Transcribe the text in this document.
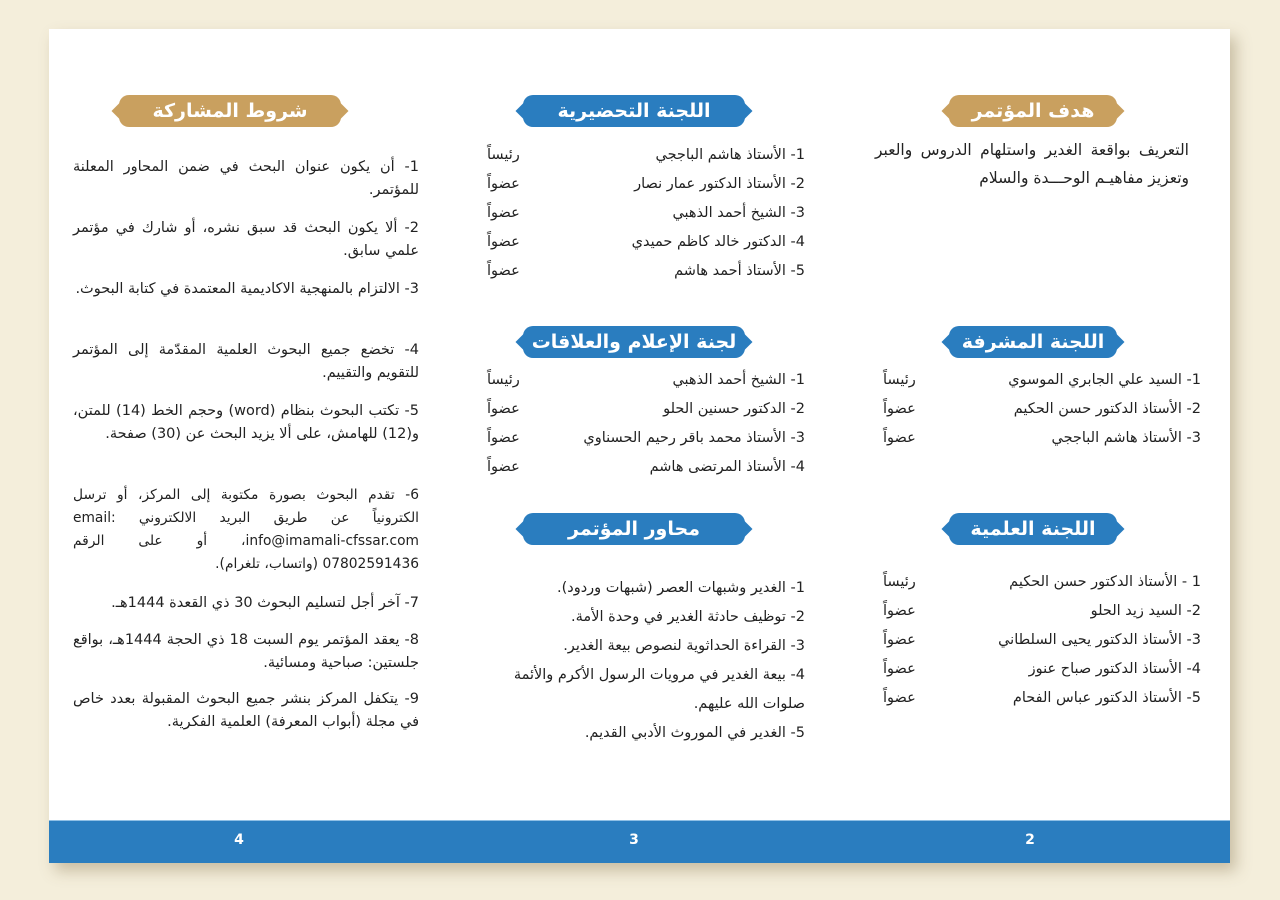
هدف المؤتمر
التعريف بواقعة الغدير واستلهام الدروس والعبر وتعزيز مفاهيـم الوحـــدة والسلام
اللجنة المشرفة
1- السيد علي الجابري الموسوي
رئيساً
2- الأستاذ الدكتور حسن الحكيم
عضواً
3- الأستاذ هاشم الباججي
عضواً
اللجنة العلمية
1 - الأستاذ الدكتور حسن الحكيم
رئيساً
2- السيد زيد الحلو
عضواً
3- الأستاذ الدكتور يحيى السلطاني
عضواً
4- الأستاذ الدكتور صباح عنوز
عضواً
5- الأستاذ الدكتور عباس الفحام
عضواً
اللجنة التحضيرية
1- الأستاذ هاشم الباججي
رئيساً
2- الأستاذ الدكتور عمار نصار
عضواً
3- الشيخ أحمد الذهبي
عضواً
4- الدكتور خالد كاظم حميدي
عضواً
5- الأستاذ أحمد هاشم
عضواً
لجنة الإعلام والعلاقات
1- الشيخ أحمد الذهبي
رئيساً
2- الدكتور حسنين الحلو
عضواً
3- الأستاذ محمد باقر رحيم الحسناوي
عضواً
4- الأستاذ المرتضى هاشم
عضواً
محاور المؤتمر
1- الغدير وشبهات العصر (شبهات وردود).
2- توظيف حادثة الغدير في وحدة الأمة.
3- القراءة الحداثوية لنصوص بيعة الغدير.
4- بيعة الغدير في مرويات الرسول الأكرم والأئمة صلوات الله عليهم.
5- الغدير في الموروث الأدبي القديم.
شروط المشاركة
1- أن يكون عنوان البحث في ضمن المحاور المعلنة للمؤتمر.
2- ألا يكون البحث قد سبق نشره، أو شارك في مؤتمر علمي سابق.
3- الالتزام بالمنهجية الاكاديمية المعتمدة في كتابة البحوث.
4- تخضع جميع البحوث العلمية المقدّمة إلى المؤتمر للتقويم والتقييم.
5- تكتب البحوث بنظام (word) وحجم الخط (14) للمتن، و(12) للهامش، على ألا يزيد البحث عن (30) صفحة.
6- تقدم البحوث بصورة مكتوبة إلى المركز، أو ترسل الكترونياً عن طريق البريد الالكتروني email: info@imamali-cfssar.com، أو على الرقم 07802591436 (واتساب، تلغرام).
7- آخر أجل لتسليم البحوث 30 ذي القعدة 1444هـ.
8- يعقد المؤتمر يوم السبت 18 ذي الحجة 1444هـ، بواقع جلستين: صباحية ومسائية.
9- يتكفل المركز بنشر جميع البحوث المقبولة بعدد خاص في مجلة (أبواب المعرفة) العلمية الفكرية.
4	3	2
